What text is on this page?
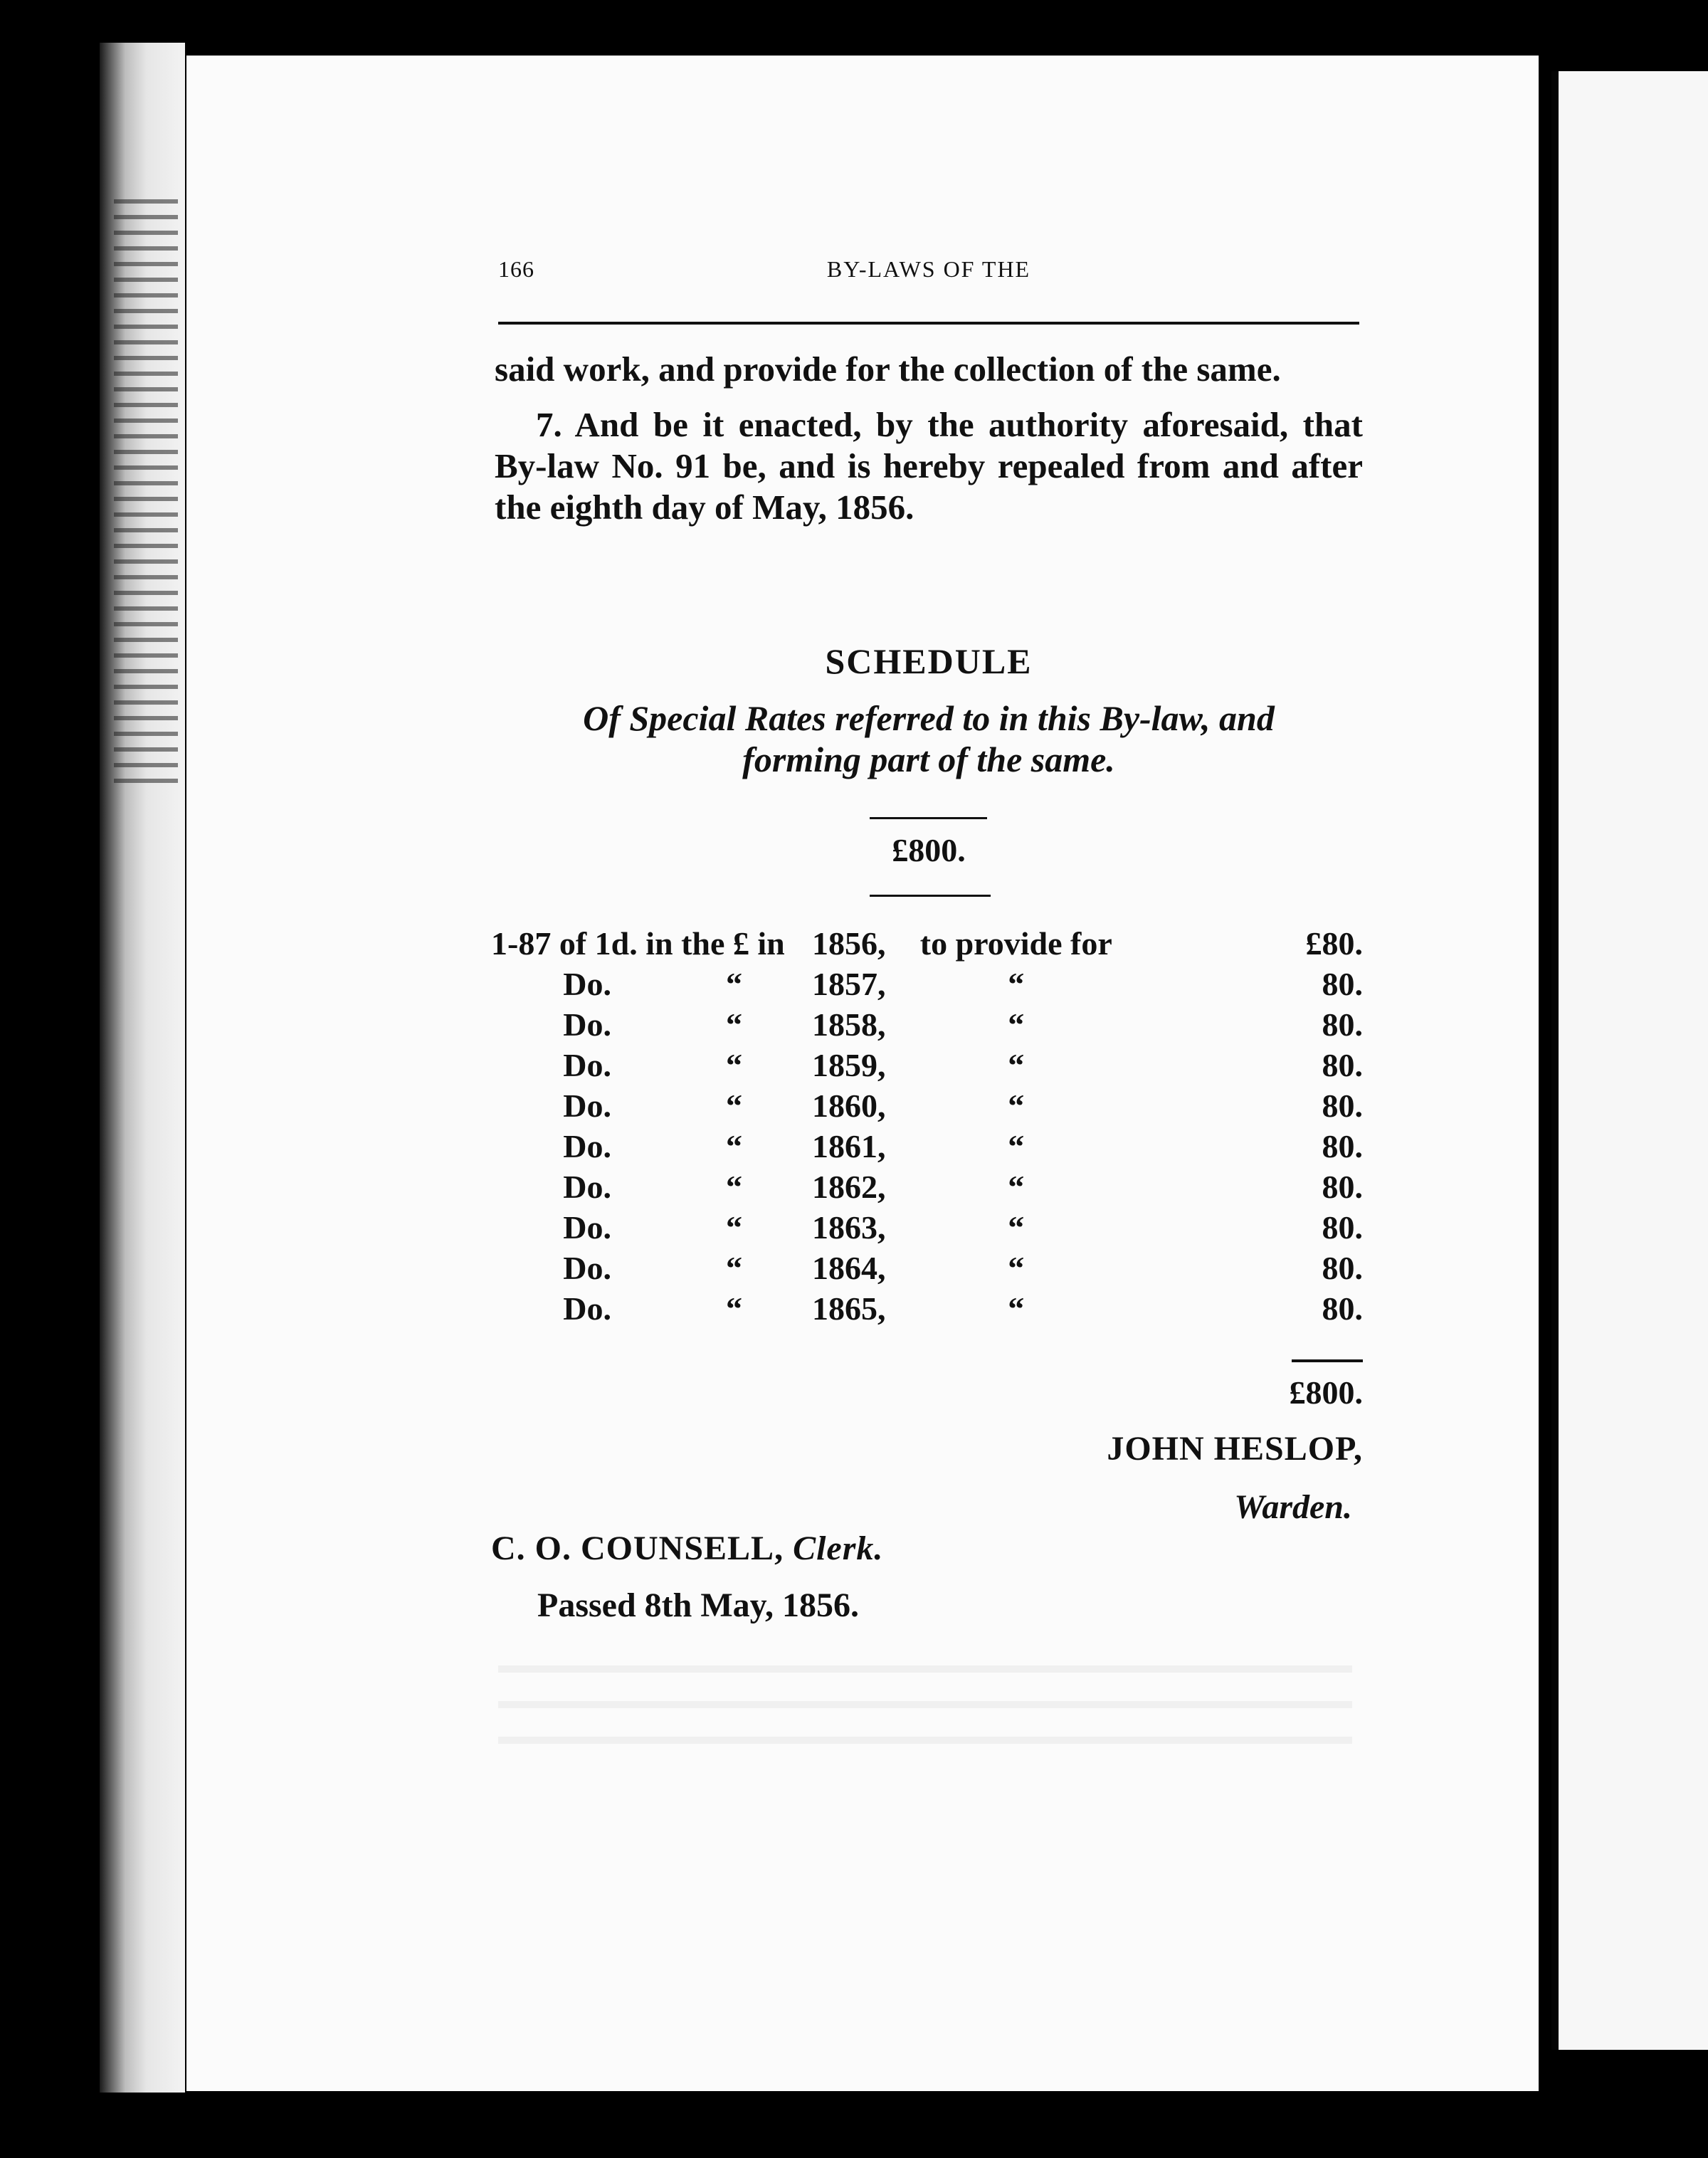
166	BY-LAWS OF THE

said work, and provide for the collection of the same.

7. And be it enacted, by the authority aforesaid, that By-law No. 91 be, and is hereby repealed from and after the eighth day of May, 1856.

SCHEDULE
Of Special Rates referred to in this By-law, and
forming part of the same.
£800.
1-87 of 1d. in the £ in		1856,	to provide for	£80.
Do.	“	1857,	“	80.
Do.	“	1858,	“	80.
Do.	“	1859,	“	80.
Do.	“	1860,	“	80.
Do.	“	1861,	“	80.
Do.	“	1862,	“	80.
Do.	“	1863,	“	80.
Do.	“	1864,	“	80.
Do.	“	1865,	“	80.
£800.
JOHN HESLOP,
Warden.
C. O. COUNSELL, Clerk.
Passed 8th May, 1856.
